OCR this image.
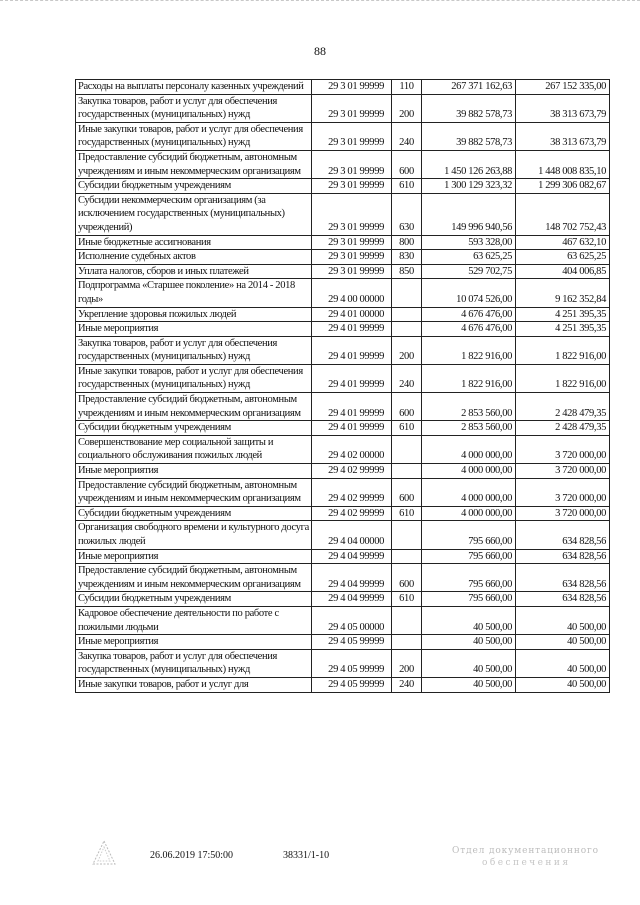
88
Расходы на выплаты персоналу казенных учреждений	29 3 01 99999	110	267 371 162,63	267 152 335,00
Закупка товаров, работ и услуг для обеспечения государственных (муниципальных) нужд	29 3 01 99999	200	39 882 578,73	38 313 673,79
Иные закупки товаров, работ и услуг для обеспечения государственных (муниципальных) нужд	29 3 01 99999	240	39 882 578,73	38 313 673,79
Предоставление субсидий бюджетным, автономным учреждениям и иным некоммерческим организациям	29 3 01 99999	600	1 450 126 263,88	1 448 008 835,10
Субсидии бюджетным учреждениям	29 3 01 99999	610	1 300 129 323,32	1 299 306 082,67
Субсидии некоммерческим организациям (за исключением государственных (муниципальных) учреждений)	29 3 01 99999	630	149 996 940,56	148 702 752,43
Иные бюджетные ассигнования	29 3 01 99999	800	593 328,00	467 632,10
Исполнение судебных актов	29 3 01 99999	830	63 625,25	63 625,25
Уплата налогов, сборов и иных платежей	29 3 01 99999	850	529 702,75	404 006,85
Подпрограмма «Старшее поколение» на 2014 - 2018 годы»	29 4 00 00000		10 074 526,00	9 162 352,84
Укрепление здоровья пожилых людей	29 4 01 00000		4 676 476,00	4 251 395,35
Иные мероприятия	29 4 01 99999		4 676 476,00	4 251 395,35
Закупка товаров, работ и услуг для обеспечения государственных (муниципальных) нужд	29 4 01 99999	200	1 822 916,00	1 822 916,00
Иные закупки товаров, работ и услуг для обеспечения государственных (муниципальных) нужд	29 4 01 99999	240	1 822 916,00	1 822 916,00
Предоставление субсидий бюджетным, автономным учреждениям и иным некоммерческим организациям	29 4 01 99999	600	2 853 560,00	2 428 479,35
Субсидии бюджетным учреждениям	29 4 01 99999	610	2 853 560,00	2 428 479,35
Совершенствование мер социальной защиты и социального обслуживания пожилых людей	29 4 02 00000		4 000 000,00	3 720 000,00
Иные мероприятия	29 4 02 99999		4 000 000,00	3 720 000,00
Предоставление субсидий бюджетным, автономным учреждениям и иным некоммерческим организациям	29 4 02 99999	600	4 000 000,00	3 720 000,00
Субсидии бюджетным учреждениям	29 4 02 99999	610	4 000 000,00	3 720 000,00
Организация свободного времени и культурного досуга пожилых людей	29 4 04 00000		795 660,00	634 828,56
Иные мероприятия	29 4 04 99999		795 660,00	634 828,56
Предоставление субсидий бюджетным, автономным учреждениям и иным некоммерческим организациям	29 4 04 99999	600	795 660,00	634 828,56
Субсидии бюджетным учреждениям	29 4 04 99999	610	795 660,00	634 828,56
Кадровое обеспечение деятельности по работе с пожилыми людьми	29 4 05 00000		40 500,00	40 500,00
Иные мероприятия	29 4 05 99999		40 500,00	40 500,00
Закупка товаров, работ и услуг для обеспечения государственных (муниципальных) нужд	29 4 05 99999	200	40 500,00	40 500,00
Иные закупки товаров, работ и услуг для	29 4 05 99999	240	40 500,00	40 500,00
26.06.2019 17:50:00	38331/1-10	Отдел документационного
обеспечения
